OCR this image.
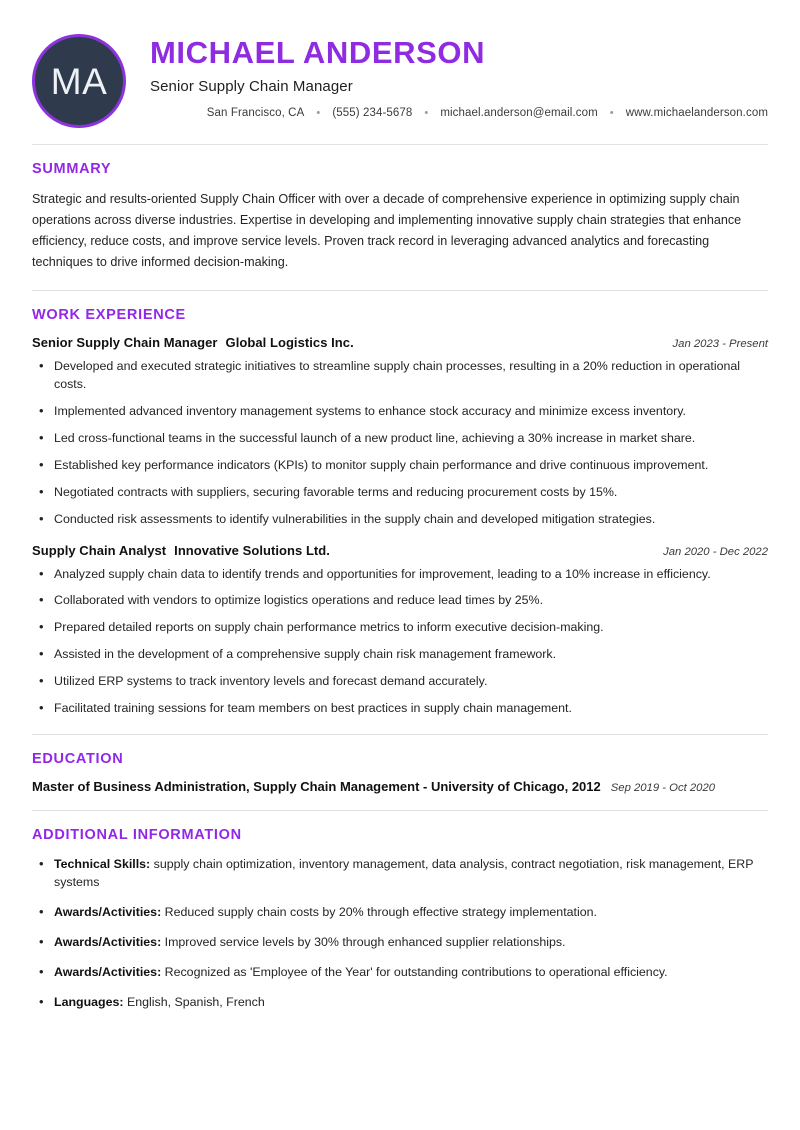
MA
MICHAEL ANDERSON
Senior Supply Chain Manager
San Francisco, CA • (555) 234-5678 • michael.anderson@email.com • www.michaelanderson.com
SUMMARY

Strategic and results-oriented Supply Chain Officer with over a decade of comprehensive experience in optimizing supply chain operations across diverse industries. Expertise in developing and implementing innovative supply chain strategies that enhance efficiency, reduce costs, and improve service levels. Proven track record in leveraging advanced analytics and forecasting techniques to drive informed decision-making.

WORK EXPERIENCE
Senior Supply Chain Manager Global Logistics Inc.	Jan 2023 - Present
• Developed and executed strategic initiatives to streamline supply chain processes, resulting in a 20% reduction in operational costs.
• Implemented advanced inventory management systems to enhance stock accuracy and minimize excess inventory.
• Led cross-functional teams in the successful launch of a new product line, achieving a 30% increase in market share.
• Established key performance indicators (KPIs) to monitor supply chain performance and drive continuous improvement.
• Negotiated contracts with suppliers, securing favorable terms and reducing procurement costs by 15%.
• Conducted risk assessments to identify vulnerabilities in the supply chain and developed mitigation strategies.
Supply Chain Analyst Innovative Solutions Ltd.	Jan 2020 - Dec 2022
• Analyzed supply chain data to identify trends and opportunities for improvement, leading to a 10% increase in efficiency.
• Collaborated with vendors to optimize logistics operations and reduce lead times by 25%.
• Prepared detailed reports on supply chain performance metrics to inform executive decision-making.
• Assisted in the development of a comprehensive supply chain risk management framework.
• Utilized ERP systems to track inventory levels and forecast demand accurately.
• Facilitated training sessions for team members on best practices in supply chain management.
EDUCATION
Master of Business Administration, Supply Chain Management - University of Chicago, 2012 Sep 2019 - Oct 2020
ADDITIONAL INFORMATION
• Technical Skills: supply chain optimization, inventory management, data analysis, contract negotiation, risk management, ERP systems
• Awards/Activities: Reduced supply chain costs by 20% through effective strategy implementation.
• Awards/Activities: Improved service levels by 30% through enhanced supplier relationships.
• Awards/Activities: Recognized as 'Employee of the Year' for outstanding contributions to operational efficiency.
• Languages: English, Spanish, French
